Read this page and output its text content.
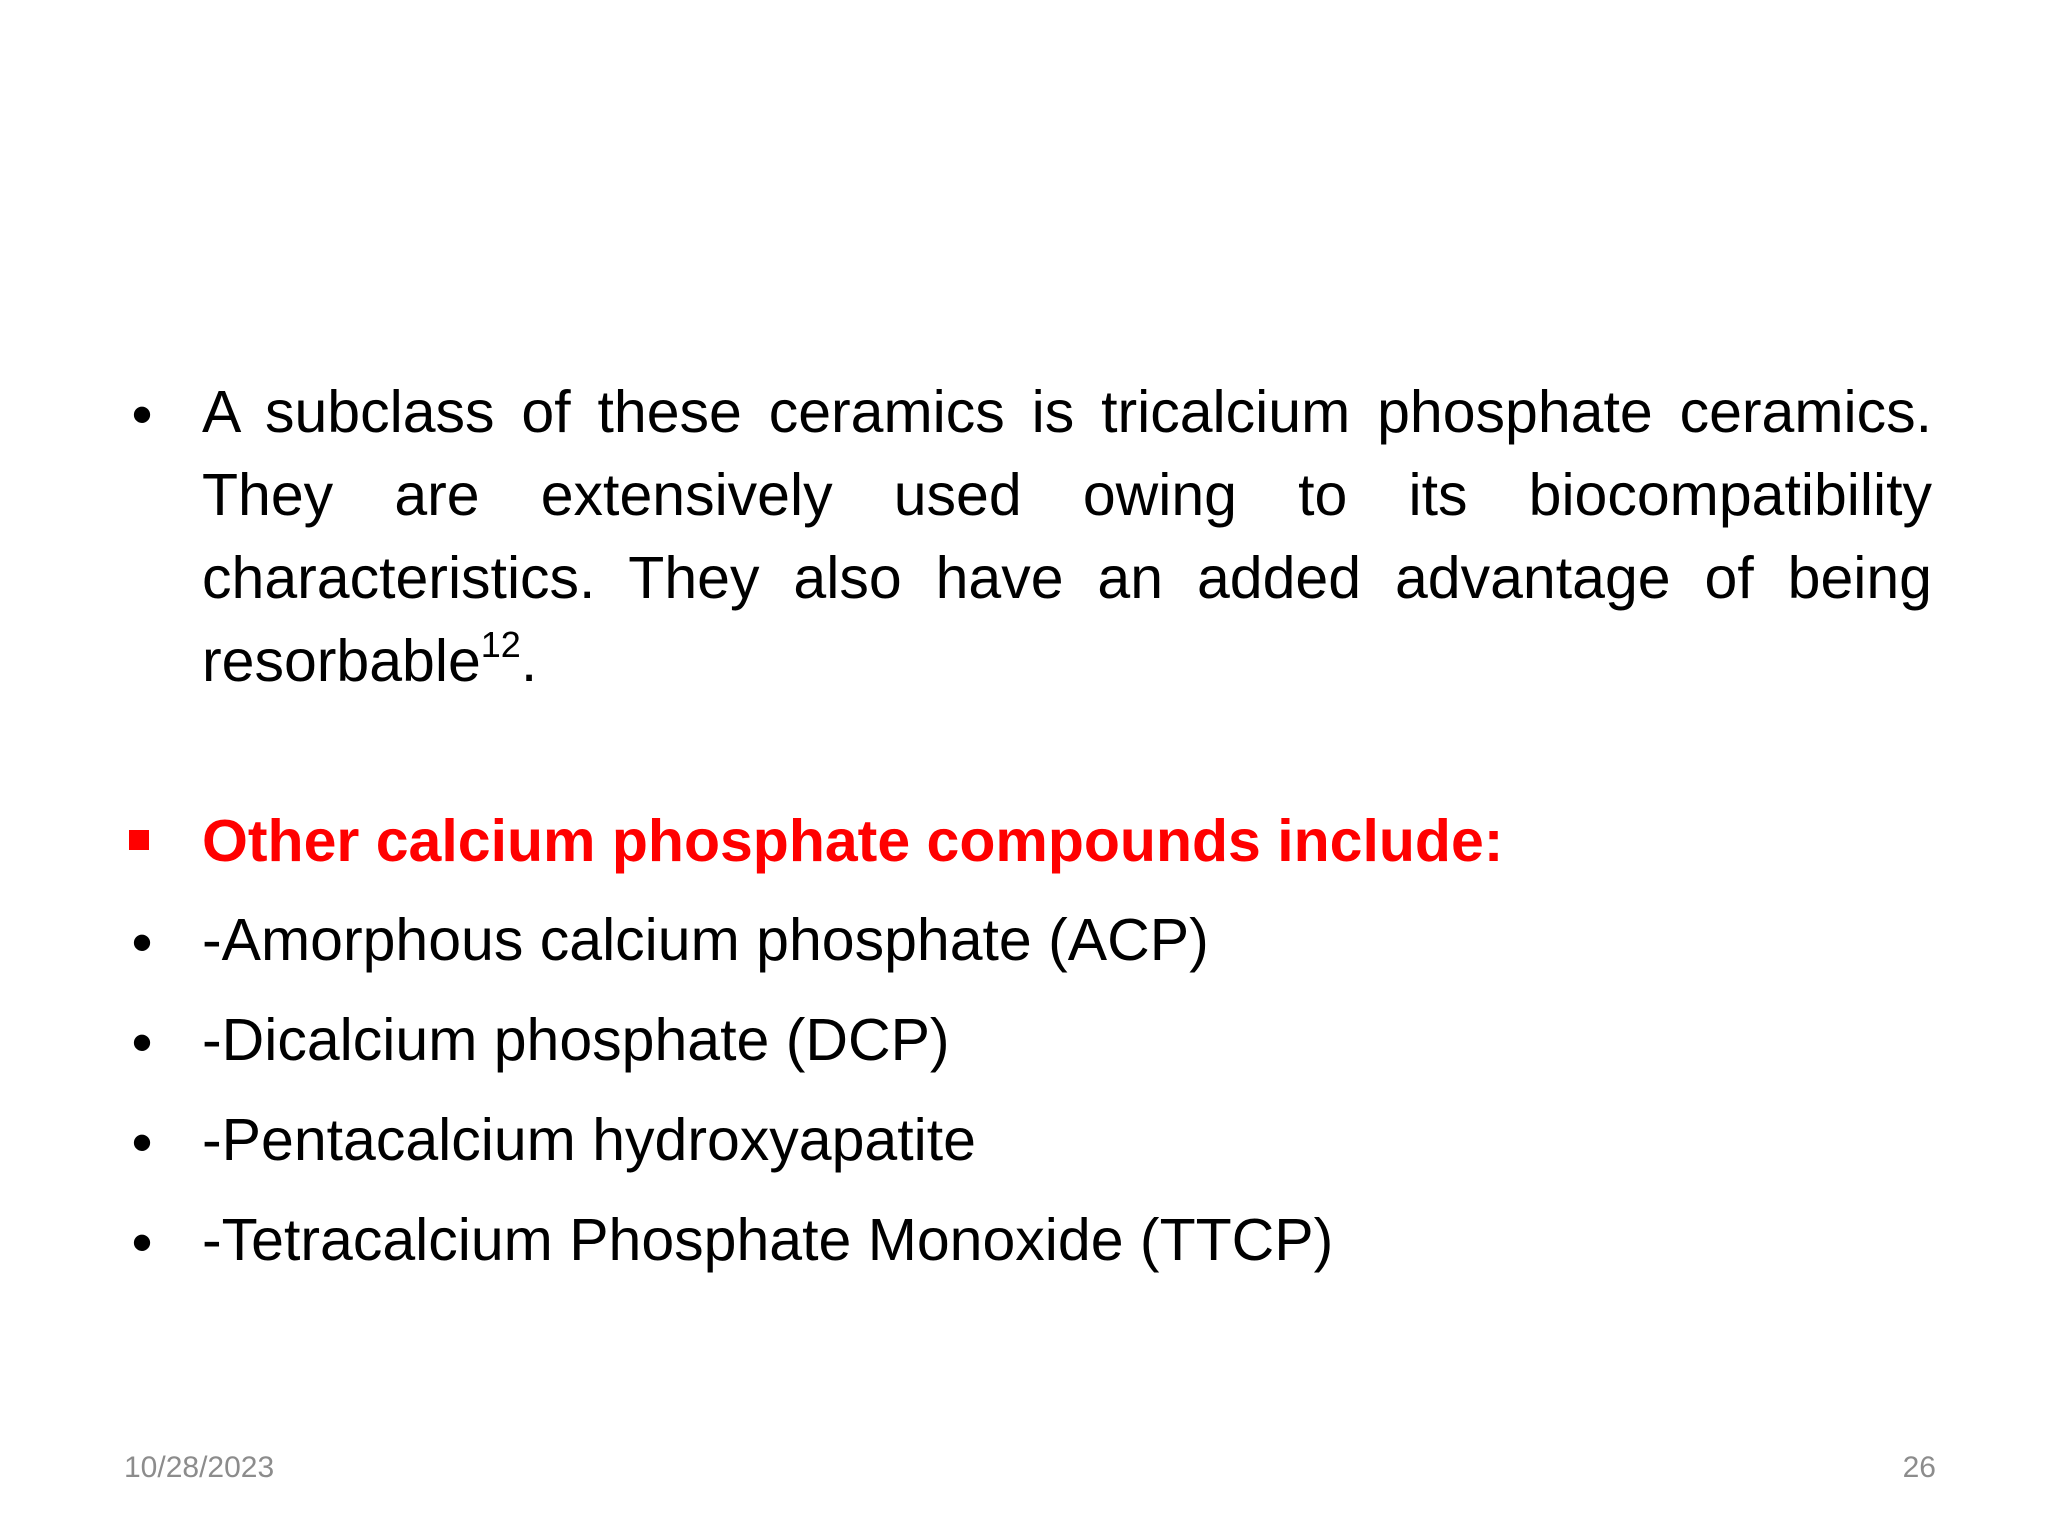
• A subclass of these ceramics is tricalcium phosphate ceramics.
They are extensively used owing to its biocompatibility
characteristics. They also have an added advantage of being
resorbable$^{12}$.
Other calcium phosphate compounds include:
• -Amorphous calcium phosphate (ACP)
• -Dicalcium phosphate (DCP)
• -Pentacalcium hydroxyapatite
• -Tetracalcium Phosphate Monoxide (TTCP)
10/28/2023	26
